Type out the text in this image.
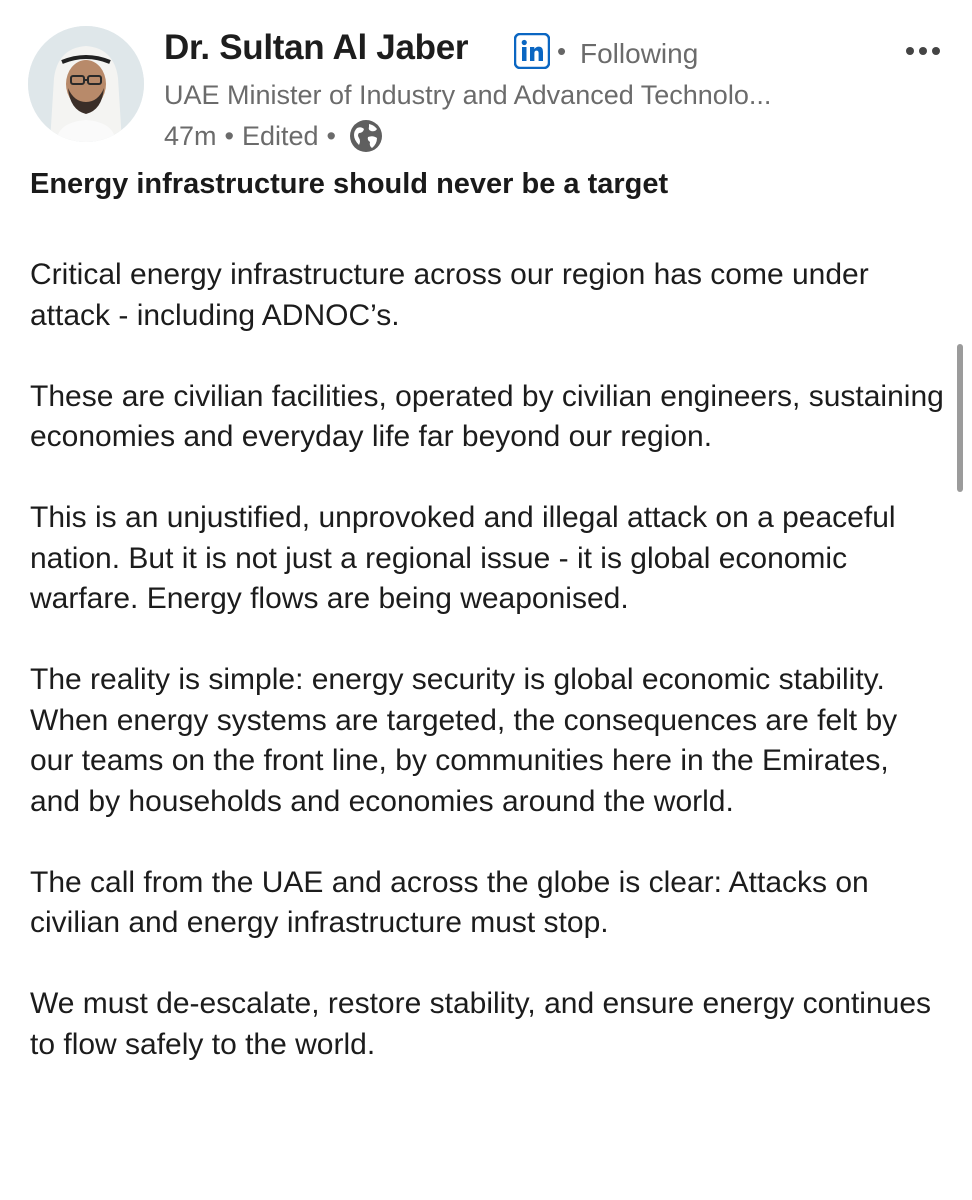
Dr. Sultan Al Jaber	• Following
UAE Minister of Industry and Advanced Technolo...
47m • Edited •
Energy infrastructure should never be a target

Critical energy infrastructure across our region has come under attack - including ADNOC’s.

These are civilian facilities, operated by civilian engineers, sustaining economies and everyday life far beyond our region.

This is an unjustified, unprovoked and illegal attack on a peaceful nation. But it is not just a regional issue - it is global economic warfare. Energy flows are being weaponised.

The reality is simple: energy security is global economic stability. When energy systems are targeted, the consequences are felt by our teams on the front line, by communities here in the Emirates, and by households and economies around the world.

The call from the UAE and across the globe is clear: Attacks on civilian and energy infrastructure must stop.

We must de-escalate, restore stability, and ensure energy continues to flow safely to the world.
